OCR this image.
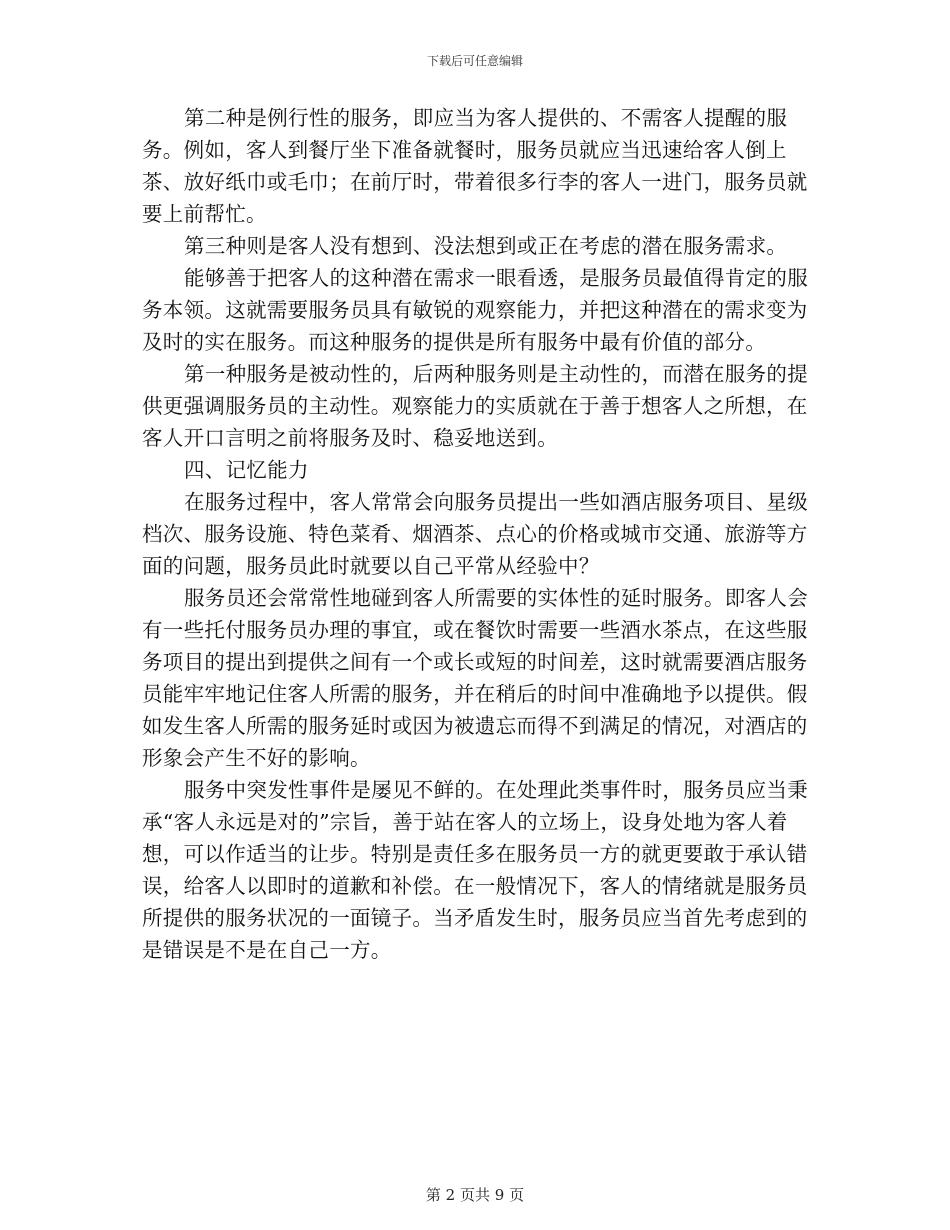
下载后可任意编辑

第二种是例行性的服务，即应当为客人提供的、不需客人提醒的服务。例如，客人到餐厅坐下准备就餐时，服务员就应当迅速给客人倒上茶、放好纸巾或毛巾；在前厅时，带着很多行李的客人一进门，服务员就要上前帮忙。

第三种则是客人没有想到、没法想到或正在考虑的潜在服务需求。

能够善于把客人的这种潜在需求一眼看透，是服务员最值得肯定的服务本领。这就需要服务员具有敏锐的观察能力，并把这种潜在的需求变为及时的实在服务。而这种服务的提供是所有服务中最有价值的部分。

第一种服务是被动性的，后两种服务则是主动性的，而潜在服务的提供更强调服务员的主动性。观察能力的实质就在于善于想客人之所想，在客人开口言明之前将服务及时、稳妥地送到。

四、记忆能力

在服务过程中，客人常常会向服务员提出一些如酒店服务项目、星级档次、服务设施、特色菜肴、烟酒茶、点心的价格或城市交通、旅游等方面的问题，服务员此时就要以自己平常从经验中？

服务员还会常常性地碰到客人所需要的实体性的延时服务。即客人会有一些托付服务员办理的事宜，或在餐饮时需要一些酒水茶点，在这些服务项目的提出到提供之间有一个或长或短的时间差，这时就需要酒店服务员能牢牢地记住客人所需的服务，并在稍后的时间中准确地予以提供。假如发生客人所需的服务延时或因为被遗忘而得不到满足的情况，对酒店的形象会产生不好的影响。

服务中突发性事件是屡见不鲜的。在处理此类事件时，服务员应当秉承“客人永远是对的”宗旨，善于站在客人的立场上，设身处地为客人着想，可以作适当的让步。特别是责任多在服务员一方的就更要敢于承认错误，给客人以即时的道歉和补偿。在一般情况下，客人的情绪就是服务员所提供的服务状况的一面镜子。当矛盾发生时，服务员应当首先考虑到的是错误是不是在自己一方。

第 2 页共 9 页
